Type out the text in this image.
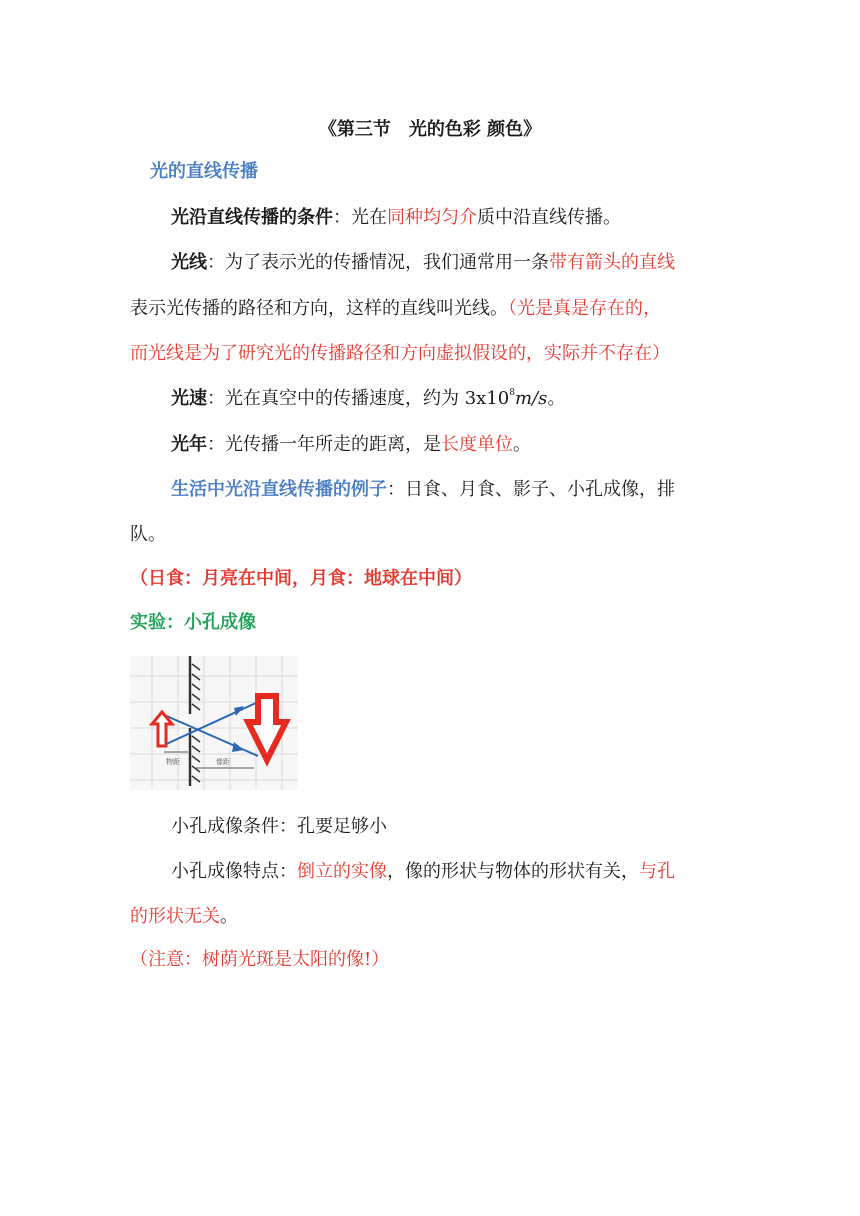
《第三节　光的色彩 颜色》
光的直线传播
光沿直线传播的条件：光在同种均匀介质中沿直线传播。
光线：为了表示光的传播情况，我们通常用一条带有箭头的直线
表示光传播的路径和方向，这样的直线叫光线。（光是真是存在的，
而光线是为了研究光的传播路径和方向虚拟假设的，实际并不存在）
光速：光在真空中的传播速度，约为 $3x10^8m/s$。
光年：光传播一年所走的距离，是长度单位。
生活中光沿直线传播的例子：日食、月食、影子、小孔成像，排
队。
（日食：月亮在中间，月食：地球在中间）
实验：小孔成像
物距	像距
小孔成像条件：孔要足够小
小孔成像特点：倒立的实像，像的形状与物体的形状有关，与孔
的形状无关。
（注意：树荫光斑是太阳的像!）
